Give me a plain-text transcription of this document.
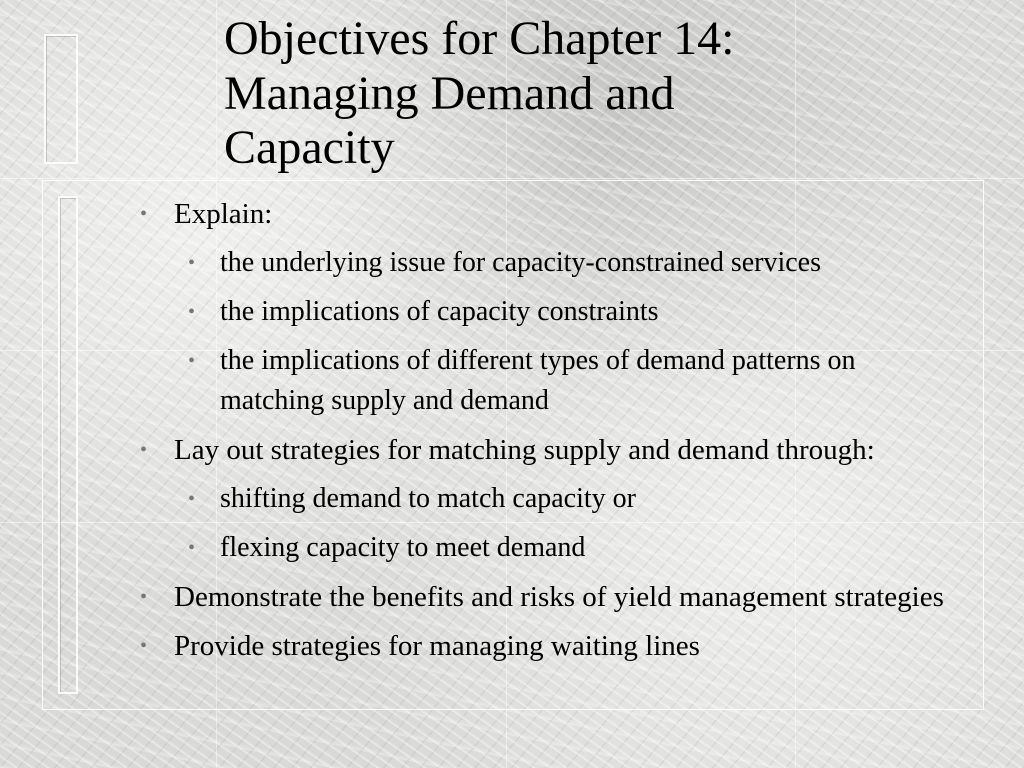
Objectives for Chapter 14:
Managing Demand and
Capacity
• Explain:
• the underlying issue for capacity-constrained services
• the implications of capacity constraints
• the implications of different types of demand patterns on matching supply and demand
• Lay out strategies for matching supply and demand through:
• shifting demand to match capacity or
• flexing capacity to meet demand
• Demonstrate the benefits and risks of yield management strategies
• Provide strategies for managing waiting lines
